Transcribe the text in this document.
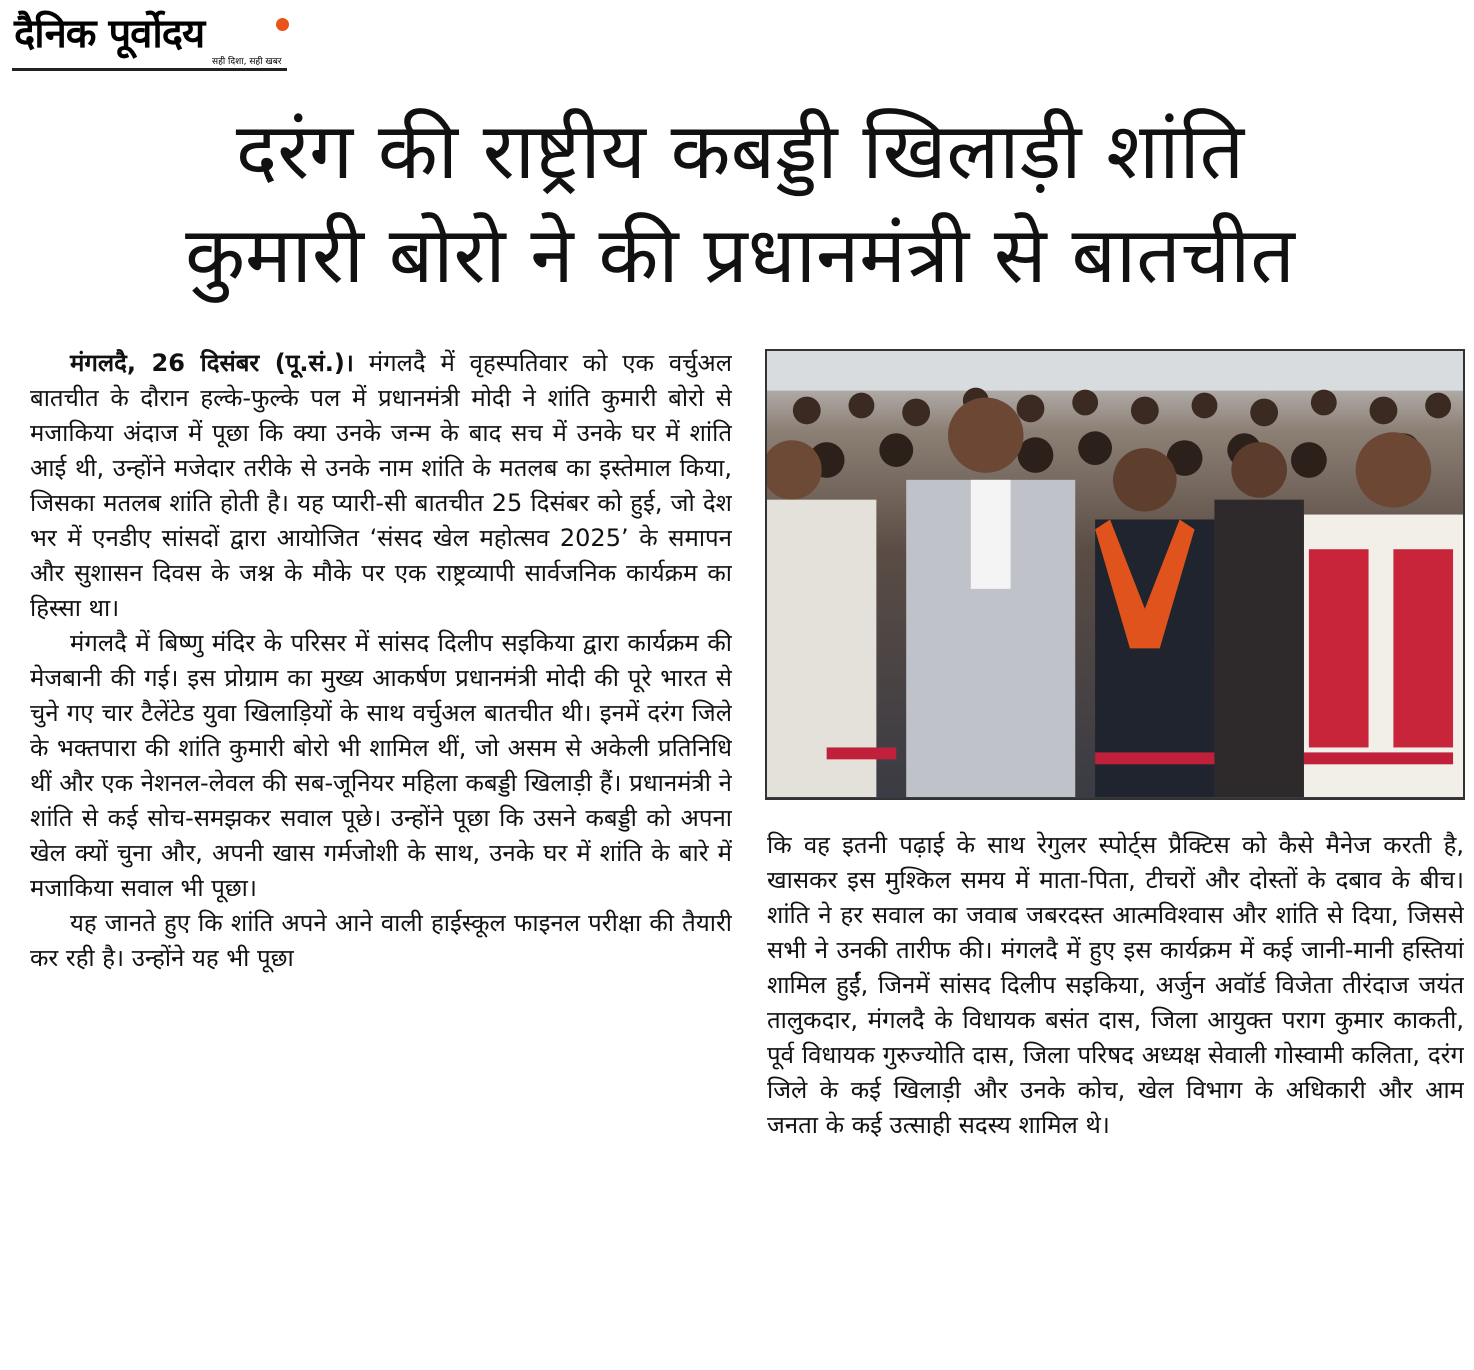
दैनिक पूर्वोदय
सही दिशा, सही खबर
दरंग की राष्ट्रीय कबड्डी खिलाड़ी शांति
कुमारी बोरो ने की प्रधानमंत्री से बातचीत

मंगलदै, 26 दिसंबर (पू.सं.)। मंगलदै में वृहस्पतिवार को एक वर्चुअल बातचीत के दौरान हल्के-फुल्के पल में प्रधानमंत्री मोदी ने शांति कुमारी बोरो से मजाकिया अंदाज में पूछा कि क्या उनके जन्म के बाद सच में उनके घर में शांति आई थी, उन्होंने मजेदार तरीके से उनके नाम शांति के मतलब का इस्तेमाल किया, जिसका मतलब शांति होती है। यह प्यारी-सी बातचीत 25 दिसंबर को हुई, जो देश भर में एनडीए सांसदों द्वारा आयोजित ‘संसद खेल महोत्सव 2025’ के समापन और सुशासन दिवस के जश्न के मौके पर एक राष्ट्रव्यापी सार्वजनिक कार्यक्रम का हिस्सा था।

मंगलदै में बिष्णु मंदिर के परिसर में सांसद दिलीप सइकिया द्वारा कार्यक्रम की मेजबानी की गई। इस प्रोग्राम का मुख्य आकर्षण प्रधानमंत्री मोदी की पूरे भारत से चुने गए चार टैलेंटेड युवा खिलाड़ियों के साथ वर्चुअल बातचीत थी। इनमें दरंग जिले के भक्तपारा की शांति कुमारी बोरो भी शामिल थीं, जो असम से अकेली प्रतिनिधि थीं और एक नेशनल-लेवल की सब-जूनियर महिला कबड्डी खिलाड़ी हैं। प्रधानमंत्री ने शांति से कई सोच-समझकर सवाल पूछे। उन्होंने पूछा कि उसने कबड्डी को अपना खेल क्यों चुना और, अपनी खास गर्मजोशी के साथ, उनके घर में शांति के बारे में मजाकिया सवाल भी पूछा।

यह जानते हुए कि शांति अपने आने वाली हाईस्कूल फाइनल परीक्षा की तैयारी कर रही है। उन्होंने यह भी पूछा

कि वह इतनी पढ़ाई के साथ रेगुलर स्पोर्ट्स प्रैक्टिस को कैसे मैनेज करती है, खासकर इस मुश्किल समय में माता-पिता, टीचरों और दोस्तों के दबाव के बीच। शांति ने हर सवाल का जवाब जबरदस्त आत्मविश्वास और शांति से दिया, जिससे सभी ने उनकी तारीफ की। मंगलदै में हुए इस कार्यक्रम में कई जानी-मानी हस्तियां शामिल हुईं, जिनमें सांसद दिलीप सइकिया, अर्जुन अवॉर्ड विजेता तीरंदाज जयंत तालुकदार, मंगलदै के विधायक बसंत दास, जिला आयुक्त पराग कुमार काकती, पूर्व विधायक गुरुज्योति दास, जिला परिषद अध्यक्ष सेवाली गोस्वामी कलिता, दरंग जिले के कई खिलाड़ी और उनके कोच, खेल विभाग के अधिकारी और आम जनता के कई उत्साही सदस्य शामिल थे।
